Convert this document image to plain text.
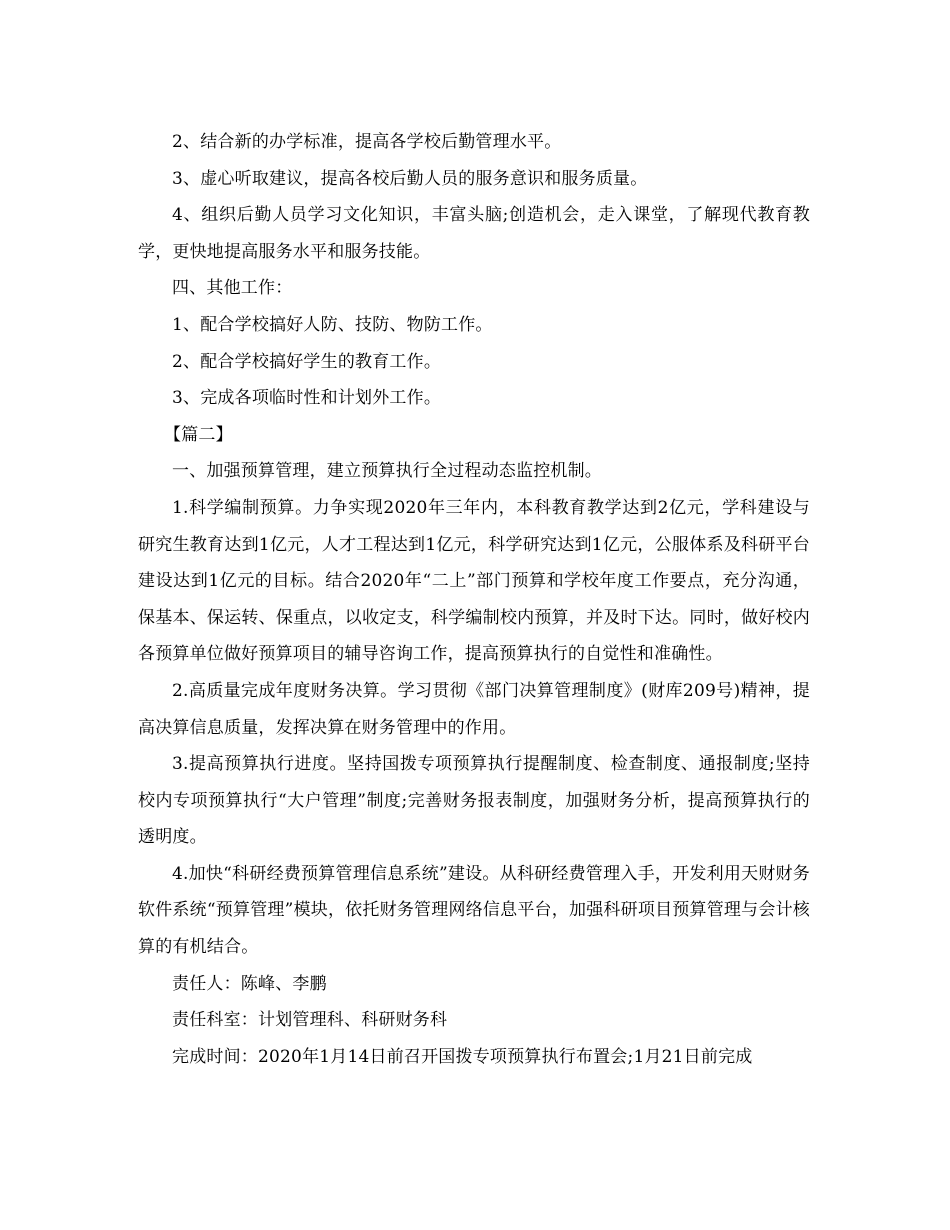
2、结合新的办学标准，提高各学校后勤管理水平。

3、虚心听取建议，提高各校后勤人员的服务意识和服务质量。

4、组织后勤人员学习文化知识，丰富头脑;创造机会，走入课堂，了解现代教育教学，更快地提高服务水平和服务技能。

四、其他工作：

1、配合学校搞好人防、技防、物防工作。

2、配合学校搞好学生的教育工作。

3、完成各项临时性和计划外工作。

【篇二】

一、加强预算管理，建立预算执行全过程动态监控机制。

1.科学编制预算。力争实现2020年三年内，本科教育教学达到2亿元，学科建设与研究生教育达到1亿元，人才工程达到1亿元，科学研究达到1亿元，公服体系及科研平台建设达到1亿元的目标。结合2020年“二上”部门预算和学校年度工作要点，充分沟通，保基本、保运转、保重点，以收定支，科学编制校内预算，并及时下达。同时，做好校内各预算单位做好预算项目的辅导咨询工作，提高预算执行的自觉性和准确性。

2.高质量完成年度财务决算。学习贯彻《部门决算管理制度》(财库209号)精神，提高决算信息质量，发挥决算在财务管理中的作用。

3.提高预算执行进度。坚持国拨专项预算执行提醒制度、检查制度、通报制度;坚持校内专项预算执行“大户管理”制度;完善财务报表制度，加强财务分析，提高预算执行的透明度。

4.加快“科研经费预算管理信息系统”建设。从科研经费管理入手，开发利用天财财务软件系统“预算管理”模块，依托财务管理网络信息平台，加强科研项目预算管理与会计核算的有机结合。

责任人：陈峰、李鹏

责任科室：计划管理科、科研财务科

完成时间：2020年1月14日前召开国拨专项预算执行布置会;1月21日前完成
